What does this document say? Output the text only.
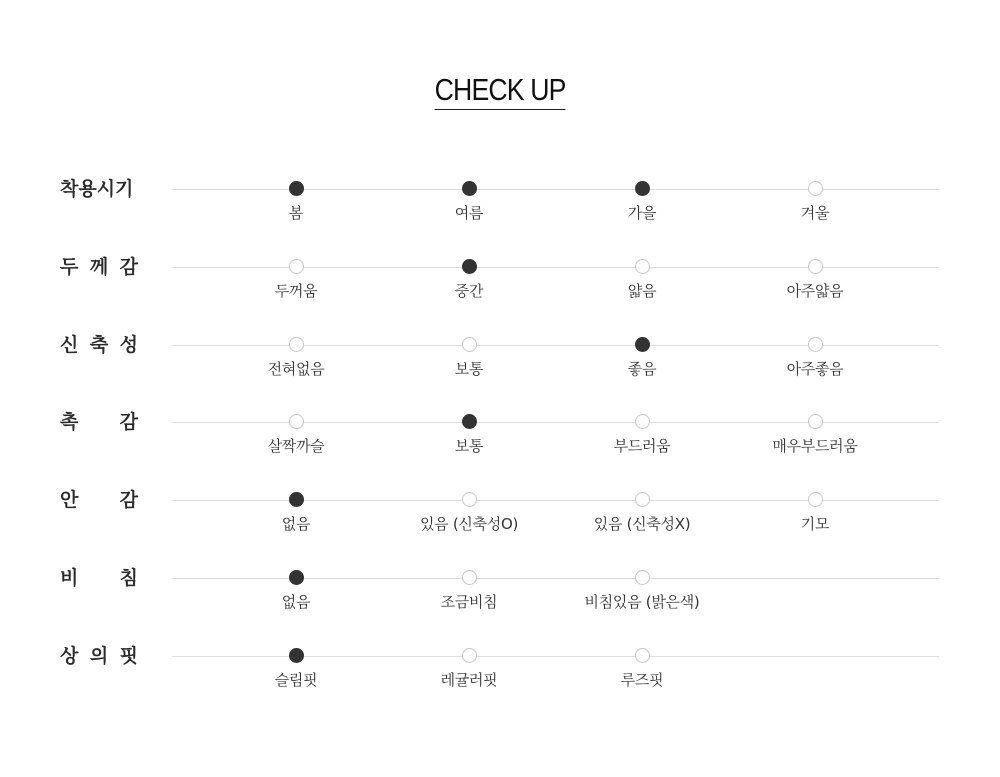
CHECK UP
착용시기
봄	여름	가을	겨울
두 께 감
두꺼움	중간	얇음	아주얇음
신 축 성
전혀없음	보통	좋음	아주좋음
촉 감
살짝까슬	보통	부드러움	매우부드러움
안 감
없음	있음 (신축성O)	있음 (신축성X)	기모
비 침
없음	조금비침	비침있음 (밝은색)
상 의 핏
슬림핏	레귤러핏	루즈핏
